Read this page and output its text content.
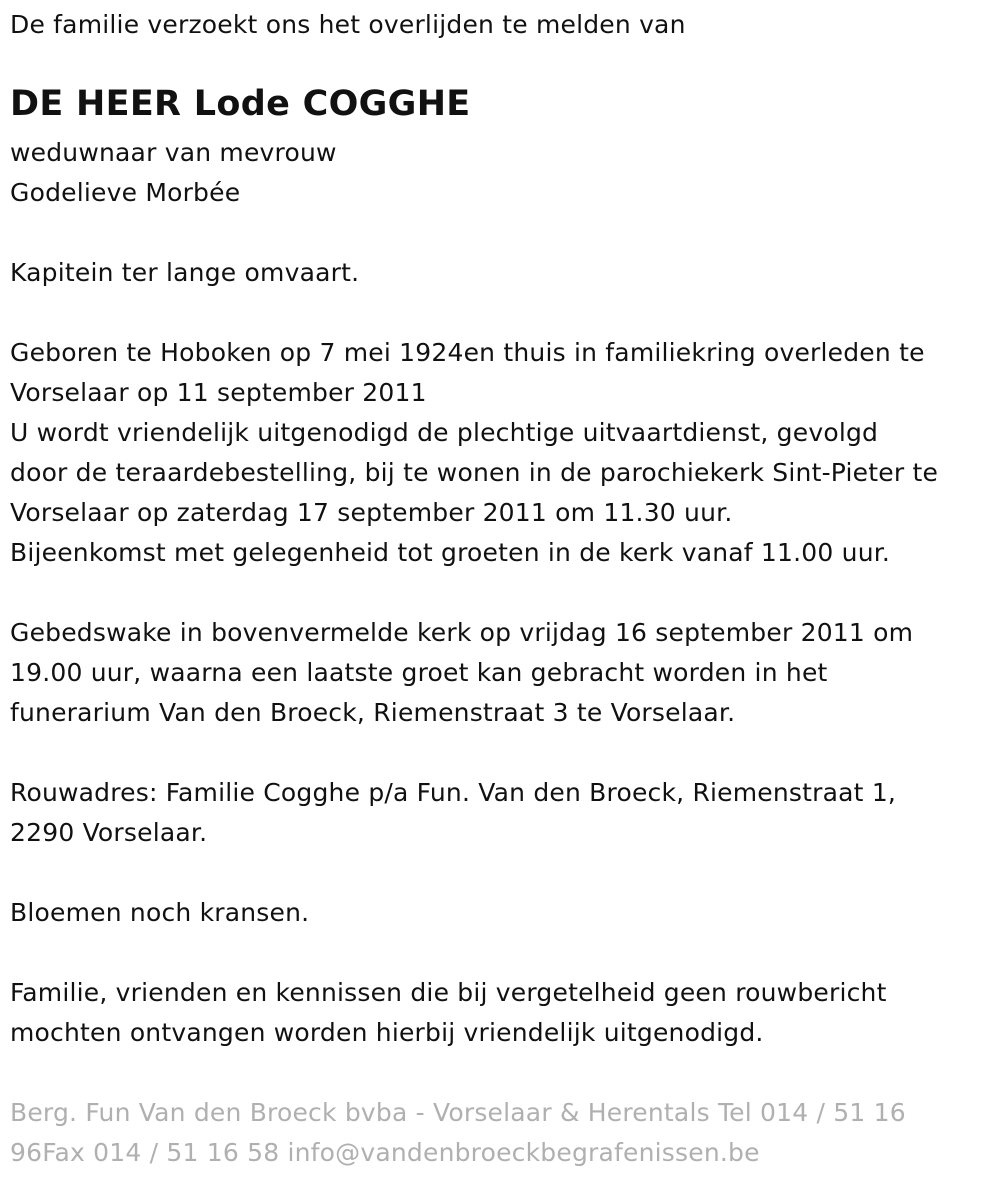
De familie verzoekt ons het overlijden te melden van
DE HEER Lode COGGHE
weduwnaar van mevrouw
Godelieve Morbée
Kapitein ter lange omvaart.
Geboren te Hoboken op 7 mei 1924en thuis in familiekring overleden te
Vorselaar op 11 september 2011
U wordt vriendelijk uitgenodigd de plechtige uitvaartdienst, gevolgd
door de teraardebestelling, bij te wonen in de parochiekerk Sint-Pieter te
Vorselaar op zaterdag 17 september 2011 om 11.30 uur.
Bijeenkomst met gelegenheid tot groeten in de kerk vanaf 11.00 uur.
Gebedswake in bovenvermelde kerk op vrijdag 16 september 2011 om
19.00 uur, waarna een laatste groet kan gebracht worden in het
funerarium Van den Broeck, Riemenstraat 3 te Vorselaar.
Rouwadres: Familie Cogghe p/a Fun. Van den Broeck, Riemenstraat 1,
2290 Vorselaar.
Bloemen noch kransen.
Familie, vrienden en kennissen die bij vergetelheid geen rouwbericht
mochten ontvangen worden hierbij vriendelijk uitgenodigd.
Berg. Fun Van den Broeck bvba - Vorselaar & Herentals Tel 014 / 51 16
96Fax 014 / 51 16 58 info@vandenbroeckbegrafenissen.be
